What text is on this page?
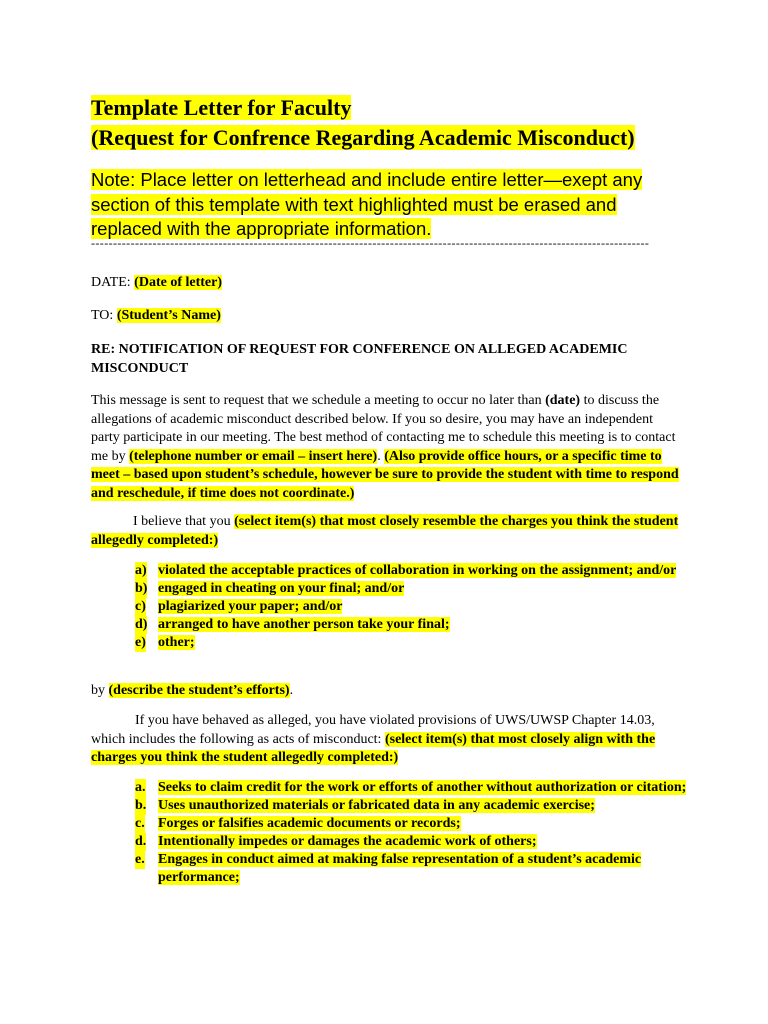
Template Letter for Faculty
(Request for Confrence Regarding Academic Misconduct)
Note: Place letter on letterhead and include entire letter—exept any section of this template with text highlighted must be erased and replaced with the appropriate information.
-------------------------------------------------------------------------------------------------------------------------------
DATE: (Date of letter)
TO: (Student’s Name)
RE: NOTIFICATION OF REQUEST FOR CONFERENCE ON ALLEGED ACADEMIC MISCONDUCT
This message is sent to request that we schedule a meeting to occur no later than (date) to discuss the allegations of academic misconduct described below. If you so desire, you may have an independent party participate in our meeting. The best method of contacting me to schedule this meeting is to contact me by (telephone number or email – insert here). (Also provide office hours, or a specific time to meet – based upon student’s schedule, however be sure to provide the student with time to respond and reschedule, if time does not coordinate.)
I believe that you (select item(s) that most closely resemble the charges you think the student allegedly completed:)
a) violated the acceptable practices of collaboration in working on the assignment; and/or
b) engaged in cheating on your final; and/or
c) plagiarized your paper; and/or
d) arranged to have another person take your final;
e) other;
by (describe the student’s efforts).
If you have behaved as alleged, you have violated provisions of UWS/UWSP Chapter 14.03, which includes the following as acts of misconduct: (select item(s) that most closely align with the charges you think the student allegedly completed:)
a. Seeks to claim credit for the work or efforts of another without authorization or citation;
b. Uses unauthorized materials or fabricated data in any academic exercise;
c. Forges or falsifies academic documents or records;
d. Intentionally impedes or damages the academic work of others;
e. Engages in conduct aimed at making false representation of a student’s academic performance;
